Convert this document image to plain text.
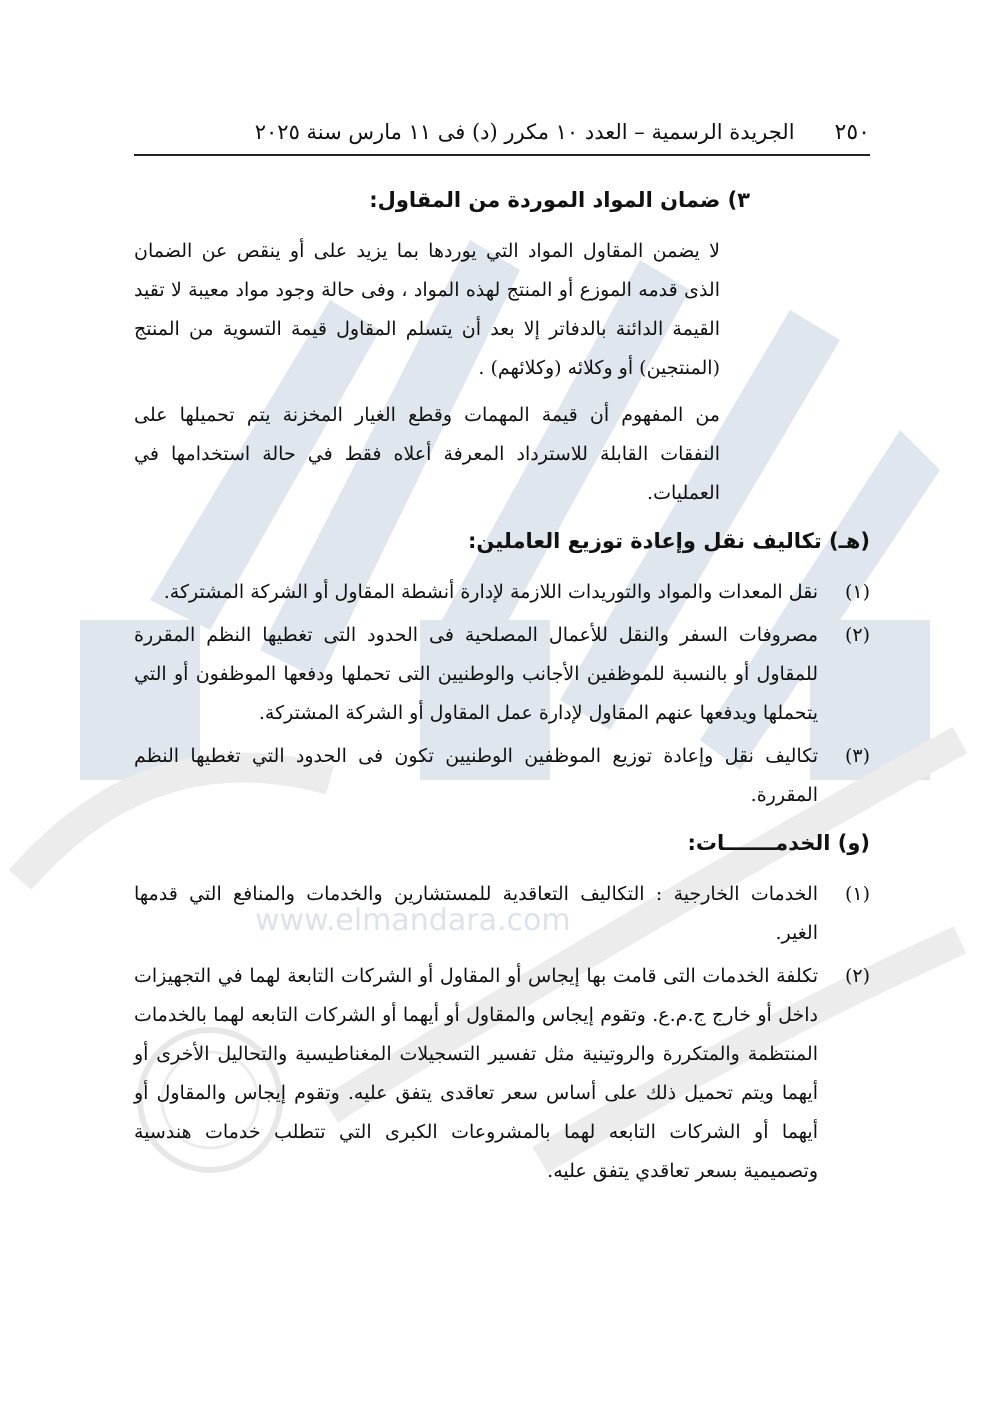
www.elmandara.com
٢٥٠
الجريدة الرسمية – العدد ١٠ مكرر (د) فى ١١ مارس سنة ٢٠٢٥
٣) ضمان المواد الموردة من المقاول:

لا يضمن المقاول المواد التي يوردها بما يزيد على أو ينقص عن الضمان الذى قدمه الموزع أو المنتج لهذه المواد ، وفى حالة وجود مواد معيبة لا تقيد القيمة الدائنة بالدفاتر إلا بعد أن يتسلم المقاول قيمة التسوية من المنتج (المنتجين) أو وكلائه (وكلائهم) .

من المفهوم أن قيمة المهمات وقطع الغيار المخزنة يتم تحميلها على النفقات القابلة للاسترداد المعرفة أعلاه فقط في حالة استخدامها في العمليات.

(هـ) تكاليف نقل وإعادة توزيع العاملين:
(١)
نقل المعدات والمواد والتوريدات اللازمة لإدارة أنشطة المقاول أو الشركة المشتركة.
(٢)
مصروفات السفر والنقل للأعمال المصلحية فى الحدود التى تغطيها النظم المقررة للمقاول أو بالنسبة للموظفين الأجانب والوطنيين التى تحملها ودفعها الموظفون أو التي يتحملها ويدفعها عنهم المقاول لإدارة عمل المقاول أو الشركة المشتركة.
(٣)
تكاليف نقل وإعادة توزيع الموظفين الوطنيين تكون فى الحدود التي تغطيها النظم المقررة.
(و) الخدمـــــــات:
(١)
الخدمات الخارجية : التكاليف التعاقدية للمستشارين والخدمات والمنافع التي قدمها الغير.
(٢)
تكلفة الخدمات التى قامت بها إيجاس أو المقاول أو الشركات التابعة لهما في التجهيزات داخل أو خارج ج.م.ع. وتقوم إيجاس والمقاول أو أيهما أو الشركات التابعه لهما بالخدمات المنتظمة والمتكررة والروتينية مثل تفسير التسجيلات المغناطيسية والتحاليل الأخرى أو أيهما ويتم تحميل ذلك على أساس سعر تعاقدى يتفق عليه. وتقوم إيجاس والمقاول أو أيهما أو الشركات التابعه لهما بالمشروعات الكبرى التي تتطلب خدمات هندسية وتصميمية بسعر تعاقدي يتفق عليه.
